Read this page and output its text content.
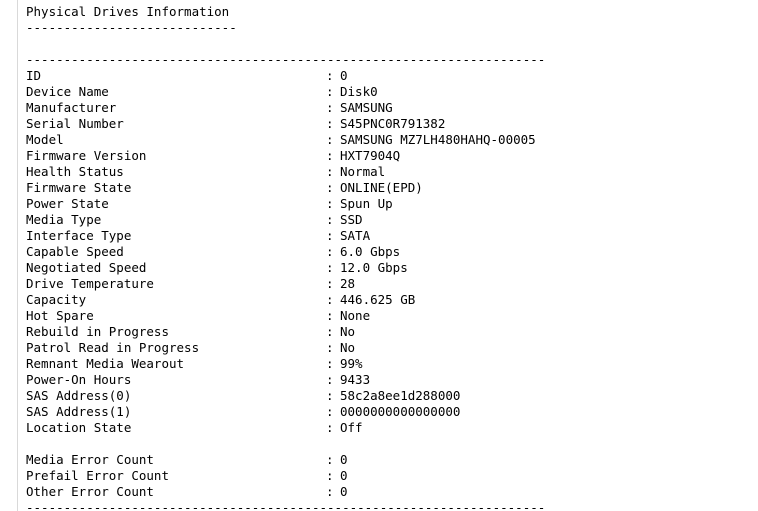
Physical Drives Information
----------------------------
---------------------------------------------------------------------
ID	: 0
Device Name	: Disk0
Manufacturer	: SAMSUNG
Serial Number	: S45PNC0R791382
Model	: SAMSUNG MZ7LH480HAHQ-00005
Firmware Version	: HXT7904Q
Health Status	: Normal
Firmware State	: ONLINE(EPD)
Power State	: Spun Up
Media Type	: SSD
Interface Type	: SATA
Capable Speed	: 6.0 Gbps
Negotiated Speed	: 12.0 Gbps
Drive Temperature	: 28
Capacity	: 446.625 GB
Hot Spare	: None
Rebuild in Progress	: No
Patrol Read in Progress	: No
Remnant Media Wearout	: 99%
Power-On Hours	: 9433
SAS Address(0)	: 58c2a8ee1d288000
SAS Address(1)	: 0000000000000000
Location State	: Off
Media Error Count	: 0
Prefail Error Count	: 0
Other Error Count	: 0
---------------------------------------------------------------------
